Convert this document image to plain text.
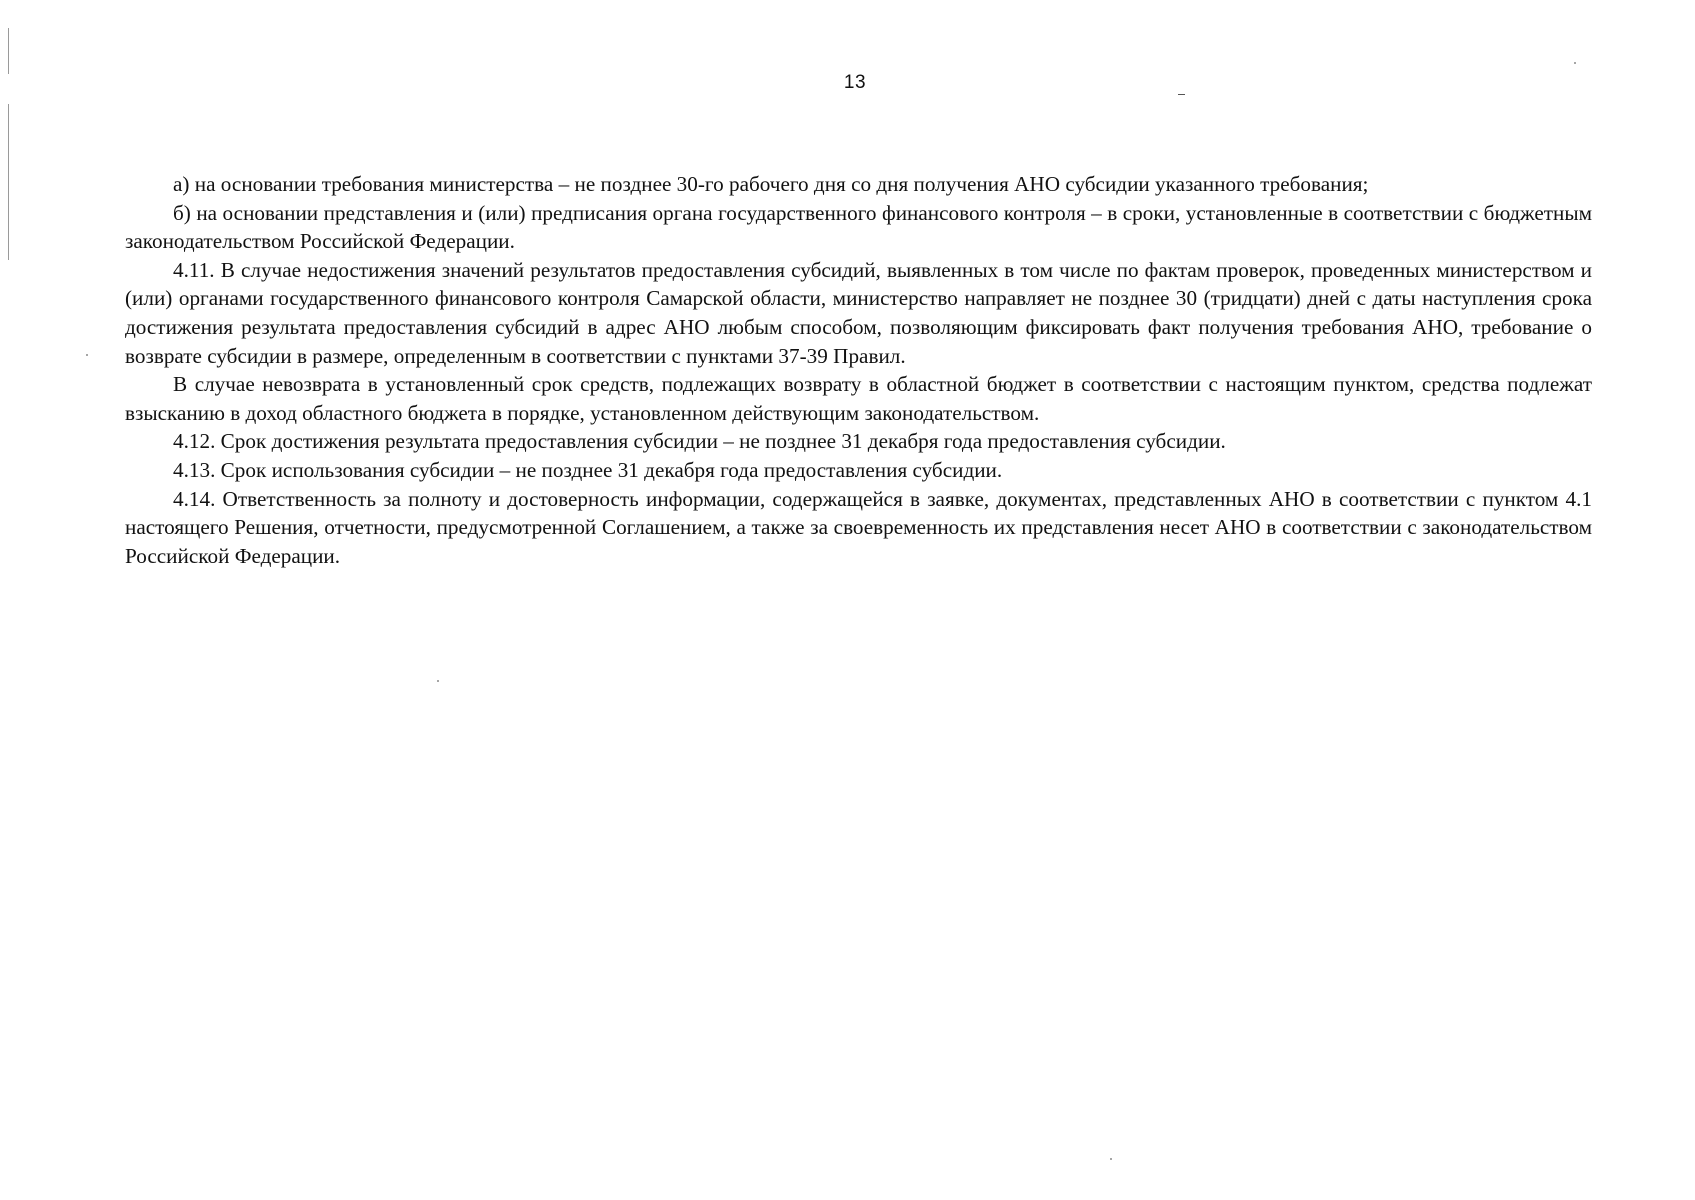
13

а) на основании требования министерства – не позднее 30-го рабочего дня со дня получения АНО субсидии указанного требования;

б) на основании представления и (или) предписания органа государственного финансового контроля – в сроки, установленные в соответствии с бюджетным законодательством Российской Федерации.

4.11. В случае недостижения значений результатов предоставления субсидий, выявленных в том числе по фактам проверок, проведенных министерством и (или) органами государственного финансового контроля Самарской области, министерство направляет не позднее 30 (тридцати) дней с даты наступления срока достижения результата предоставления субсидий в адрес АНО любым способом, позволяющим фиксировать факт получения требования АНО, требование о возврате субсидии в размере, определенным в соответствии с пунктами 37-39 Правил.

В случае невозврата в установленный срок средств, подлежащих возврату в областной бюджет в соответствии с настоящим пунктом, средства подлежат взысканию в доход областного бюджета в порядке, установленном действующим законодательством.

4.12. Срок достижения результата предоставления субсидии – не позднее 31 декабря года предоставления субсидии.

4.13. Срок использования субсидии – не позднее 31 декабря года предоставления субсидии.

4.14. Ответственность за полноту и достоверность информации, содержащейся в заявке, документах, представленных АНО в соответствии с пунктом 4.1 настоящего Решения, отчетности, предусмотренной Соглашением, а также за своевременность их представления несет АНО в соответствии с законодательством Российской Федерации.
